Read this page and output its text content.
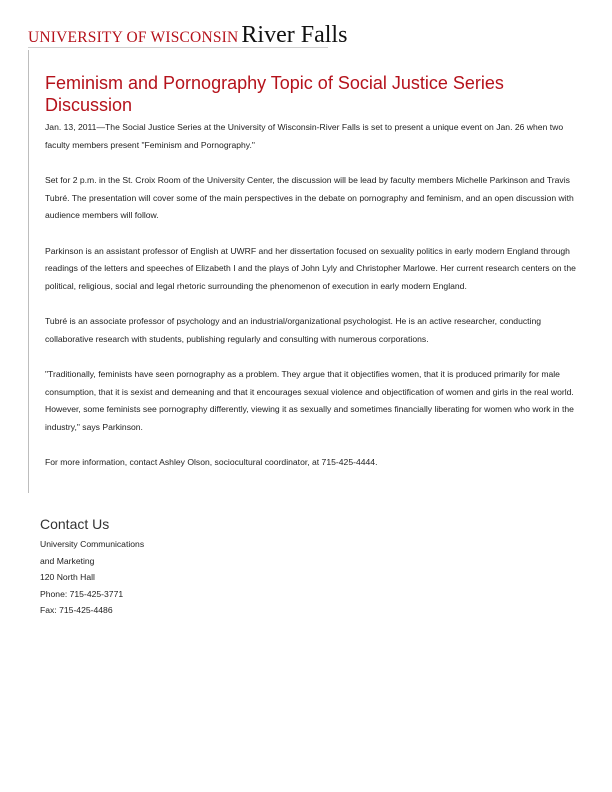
UNIVERSITY OF WISCONSIN River Falls
Feminism and Pornography Topic of Social Justice Series Discussion

Jan. 13, 2011—The Social Justice Series at the University of Wisconsin-River Falls is set to present a unique event on Jan. 26 when two faculty members present "Feminism and Pornography."

Set for 2 p.m. in the St. Croix Room of the University Center, the discussion will be lead by faculty members Michelle Parkinson and Travis Tubré. The presentation will cover some of the main perspectives in the debate on pornography and feminism, and an open discussion with audience members will follow.

Parkinson is an assistant professor of English at UWRF and her dissertation focused on sexuality politics in early modern England through readings of the letters and speeches of Elizabeth I and the plays of John Lyly and Christopher Marlowe. Her current research centers on the political, religious, social and legal rhetoric surrounding the phenomenon of execution in early modern England.

Tubré is an associate professor of psychology and an industrial/organizational psychologist. He is an active researcher, conducting collaborative research with students, publishing regularly and consulting with numerous corporations.

"Traditionally, feminists have seen pornography as a problem. They argue that it objectifies women, that it is produced primarily for male consumption, that it is sexist and demeaning and that it encourages sexual violence and objectification of women and girls in the real world. However, some feminists see pornography differently, viewing it as sexually and sometimes financially liberating for women who work in the industry," says Parkinson.

For more information, contact Ashley Olson, sociocultural coordinator, at 715-425-4444.

Contact Us
University Communications
and Marketing
120 North Hall
Phone: 715-425-3771
Fax: 715-425-4486
